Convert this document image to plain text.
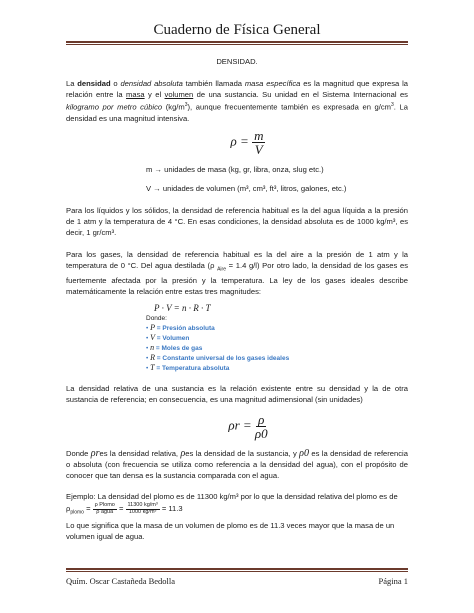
Cuaderno de Física General

DENSIDAD.

La densidad o densidad absoluta también llamada masa específica es la magnitud que expresa la relación entre la masa y el volumen de una sustancia. Su unidad en el Sistema Internacional es kilogramo por metro cúbico $(kg/m^3)$, aunque frecuentemente también es expresada en $g/cm^3$. La densidad es una magnitud intensiva.

$\rho = \frac{m}{V}$

m → unidades de masa (kg, gr, libra, onza, slug etc.)

V → unidades de volumen (m³, cm³, ft³, litros, galones, etc.)

Para los líquidos y los sólidos, la densidad de referencia habitual es la del agua líquida a la presión de 1 atm y la temperatura de 4 °C. En esas condiciones, la densidad absoluta es de 1000 kg/m³, es decir, 1 gr/cm³.

Para los gases, la densidad de referencia habitual es la del aire a la presión de 1 atm y la temperatura de 0 °C. Del agua destilada (ρ $_{Aire}$ = 1.4 g/l) Por otro lado, la densidad de los gases es fuertemente afectada por la presión y la temperatura. La ley de los gases ideales describe matemáticamente la relación entre estas tres magnitudes:

P · V = n · R · T
Donde:
• P = Presión absoluta
• V = Volumen
• n = Moles de gas
• R = Constante universal de los gases ideales
• T = Temperatura absoluta

La densidad relativa de una sustancia es la relación existente entre su densidad y la de otra sustancia de referencia; en consecuencia, es una magnitud adimensional (sin unidades)

$\rho r = \frac{\rho}{\rho 0}$

Donde ρres la densidad relativa, ρes la densidad de la sustancia, y ρ0 es la densidad de referencia o absoluta (con frecuencia se utiliza como referencia a la densidad del agua), con el propósito de conocer que tan densa es la sustancia comparada con el agua.

Ejemplo: La densidad del plomo es de 11300 kg/m³ por lo que la densidad relativa del plomo es de

$\rho_{plomo} = \frac{\text{ρ Plomo}}{\text{ρ agua}} = \frac{\text{11300 kg/m³}}{\text{1000 kg/m³}} = 11.3$

Lo que significa que la masa de un volumen de plomo es de 11.3 veces mayor que la masa de un volumen igual de agua.

Quím. Oscar Castañeda Bedolla	Página 1
